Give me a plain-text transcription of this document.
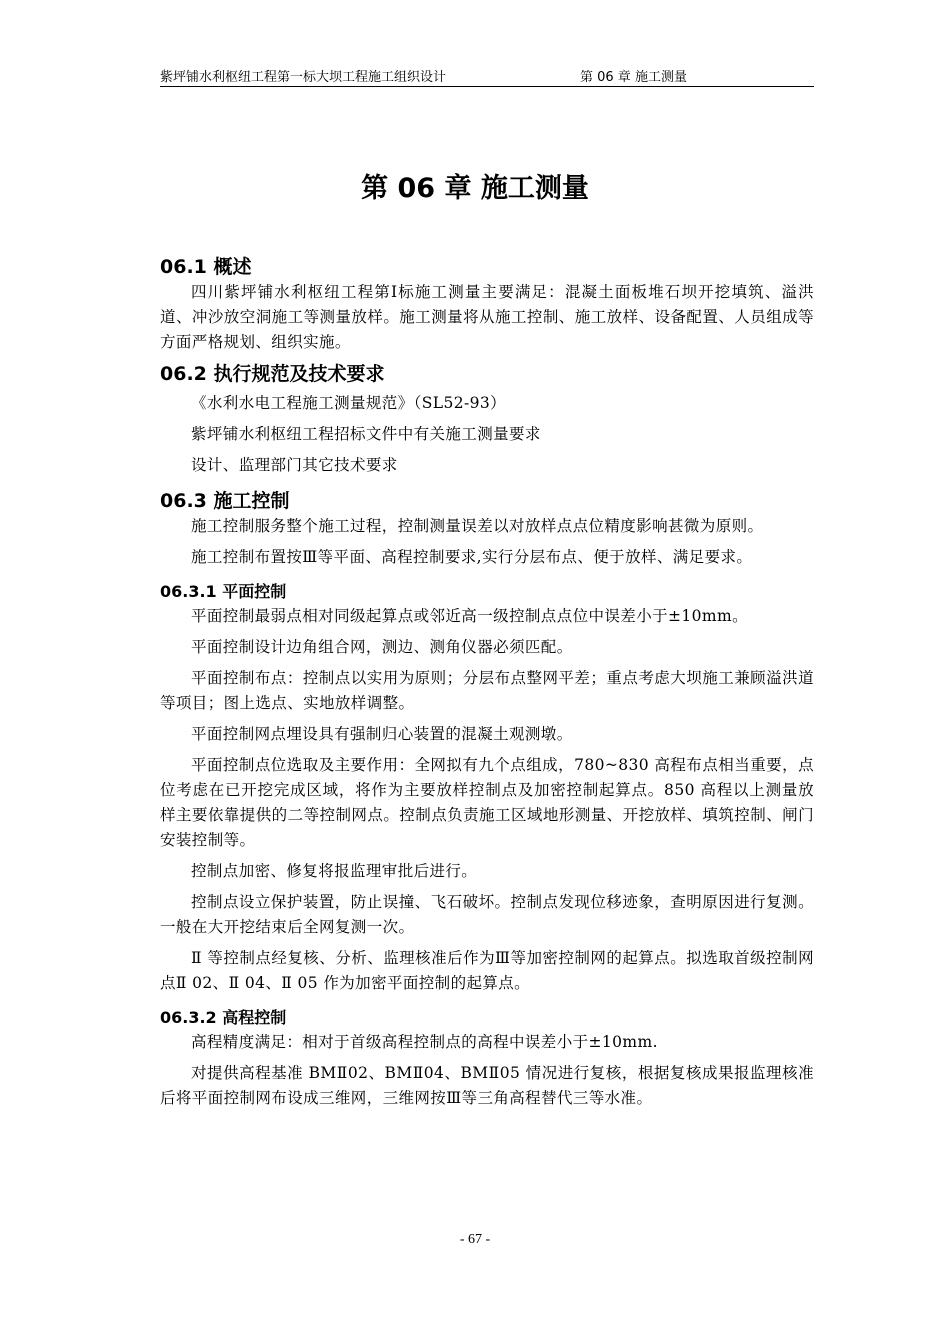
紫坪铺水利枢纽工程第一标大坝工程施工组织设计	第 06 章 施工测量
第 06 章 施工测量
06.1 概述

四川紫坪铺水利枢纽工程第Ⅰ标施工测量主要满足：混凝土面板堆石坝开挖填筑、溢洪道、冲沙放空洞施工等测量放样。施工测量将从施工控制、施工放样、设备配置、人员组成等方面严格规划、组织实施。

06.2 执行规范及技术要求

《水利水电工程施工测量规范》（SL52-93）

紫坪铺水利枢纽工程招标文件中有关施工测量要求

设计、监理部门其它技术要求

06.3 施工控制

施工控制服务整个施工过程，控制测量误差以对放样点点位精度影响甚微为原则。

施工控制布置按Ⅲ等平面、高程控制要求,实行分层布点、便于放样、满足要求。

06.3.1 平面控制

平面控制最弱点相对同级起算点或邻近高一级控制点点位中误差小于±10mm。

平面控制设计边角组合网，测边、测角仪器必须匹配。

平面控制布点：控制点以实用为原则；分层布点整网平差；重点考虑大坝施工兼顾溢洪道等项目；图上选点、实地放样调整。

平面控制网点埋设具有强制归心装置的混凝土观测墩。

平面控制点位选取及主要作用：全网拟有九个点组成，780~830 高程布点相当重要，点位考虑在已开挖完成区域，将作为主要放样控制点及加密控制起算点。850 高程以上测量放样主要依靠提供的二等控制网点。控制点负责施工区域地形测量、开挖放样、填筑控制、闸门安装控制等。

控制点加密、修复将报监理审批后进行。

控制点设立保护装置，防止误撞、飞石破坏。控制点发现位移迹象，查明原因进行复测。一般在大开挖结束后全网复测一次。

Ⅱ 等控制点经复核、分析、监理核准后作为Ⅲ等加密控制网的起算点。拟选取首级控制网点Ⅱ 02、Ⅱ 04、Ⅱ 05 作为加密平面控制的起算点。

06.3.2 高程控制

高程精度满足：相对于首级高程控制点的高程中误差小于±10mm.

对提供高程基准 BMⅡ02、BMⅡ04、BMⅡ05 情况进行复核，根据复核成果报监理核准后将平面控制网布设成三维网，三维网按Ⅲ等三角高程替代三等水准。

- 67 -
